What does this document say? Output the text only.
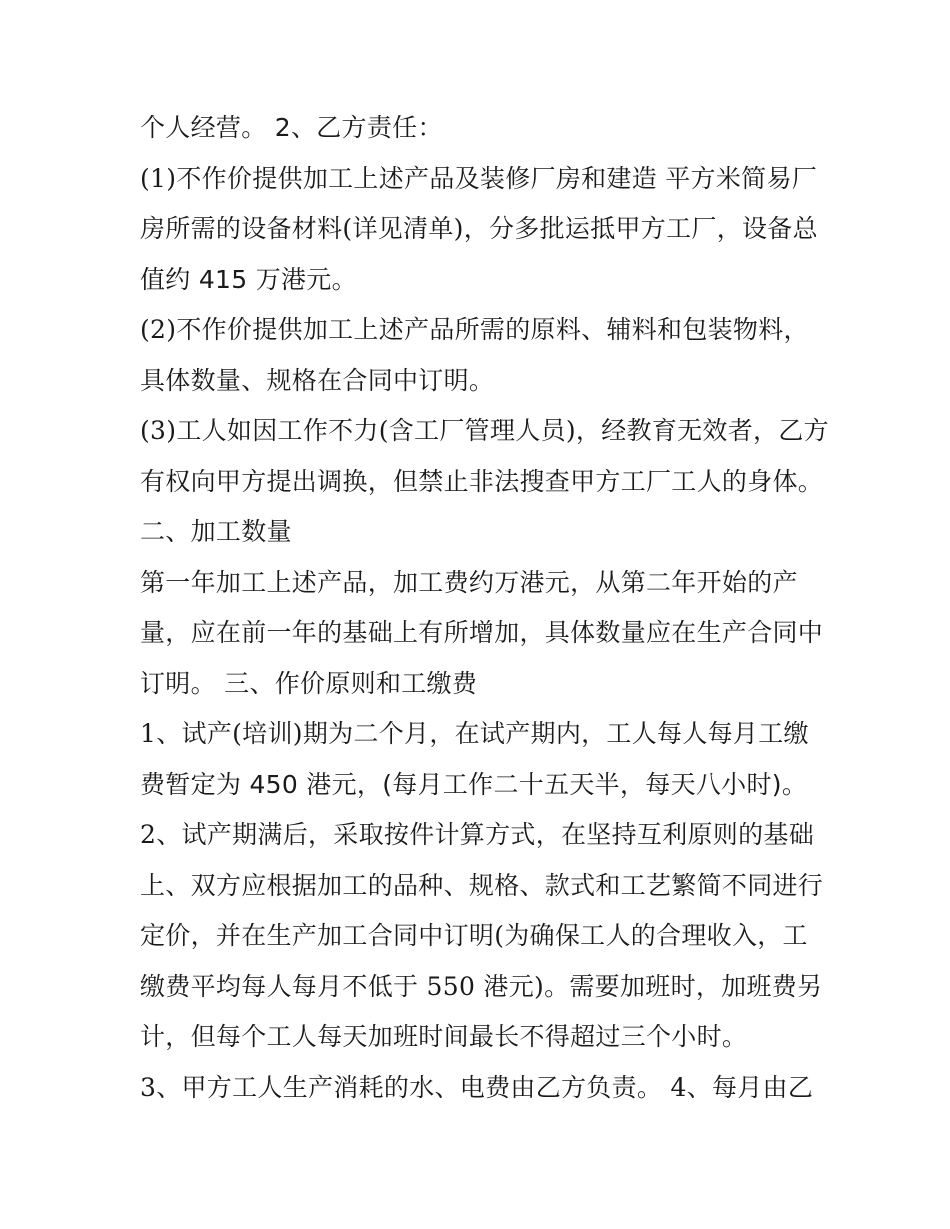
个人经营。 2、乙方责任：
(1)不作价提供加工上述产品及装修厂房和建造 平方米简易厂
房所需的设备材料(详见清单)，分多批运抵甲方工厂，设备总
值约 415 万港元。
(2)不作价提供加工上述产品所需的原料、辅料和包装物料，
具体数量、规格在合同中订明。
(3)工人如因工作不力(含工厂管理人员)，经教育无效者，乙方
有权向甲方提出调换，但禁止非法搜查甲方工厂工人的身体。
二、加工数量
第一年加工上述产品，加工费约万港元，从第二年开始的产
量，应在前一年的基础上有所增加，具体数量应在生产合同中
订明。 三、作价原则和工缴费
1、试产(培训)期为二个月，在试产期内，工人每人每月工缴
费暂定为 450 港元，(每月工作二十五天半，每天八小时)。
2、试产期满后，采取按件计算方式，在坚持互利原则的基础
上、双方应根据加工的品种、规格、款式和工艺繁简不同进行
定价，并在生产加工合同中订明(为确保工人的合理收入，工
缴费平均每人每月不低于 550 港元)。需要加班时，加班费另
计，但每个工人每天加班时间最长不得超过三个小时。
3、甲方工人生产消耗的水、电费由乙方负责。 4、每月由乙
